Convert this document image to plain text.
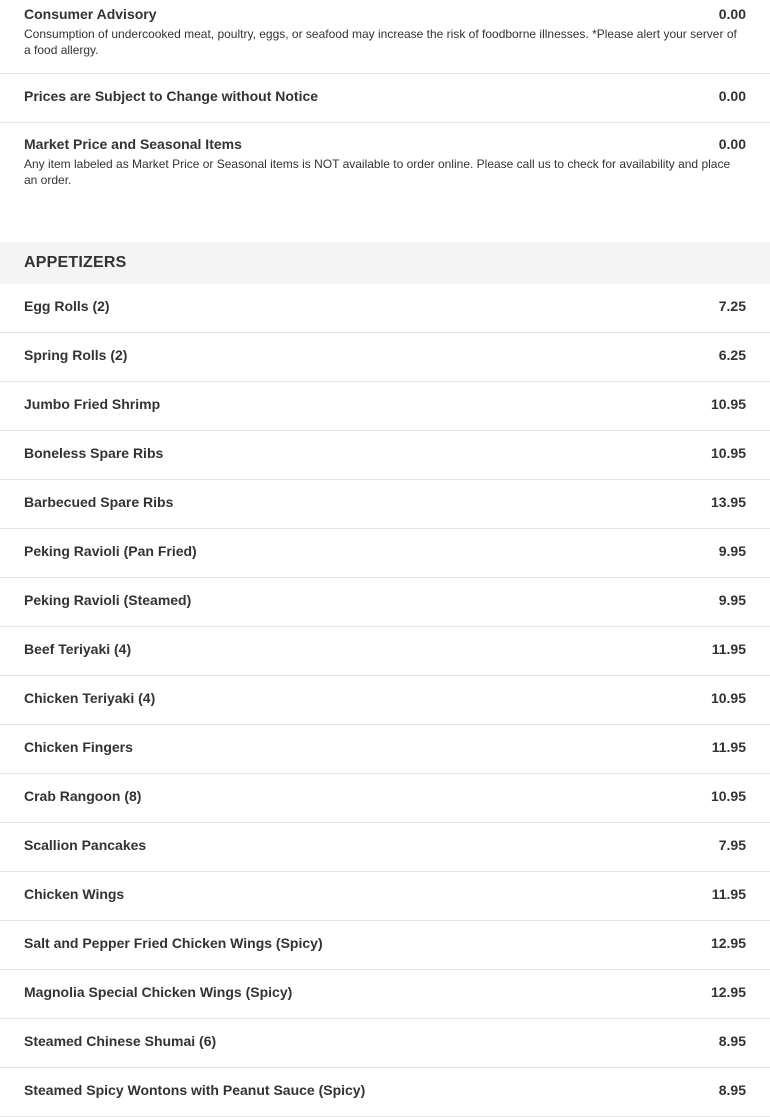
Consumer Advisory	0.00
Consumption of undercooked meat, poultry, eggs, or seafood may increase the risk of foodborne illnesses. *Please alert your server of a food allergy.
Prices are Subject to Change without Notice	0.00
Market Price and Seasonal Items	0.00
Any item labeled as Market Price or Seasonal items is NOT available to order online. Please call us to check for availability and place an order.
APPETIZERS
Egg Rolls (2)	7.25
Spring Rolls (2)	6.25
Jumbo Fried Shrimp	10.95
Boneless Spare Ribs	10.95
Barbecued Spare Ribs	13.95
Peking Ravioli (Pan Fried)	9.95
Peking Ravioli (Steamed)	9.95
Beef Teriyaki (4)	11.95
Chicken Teriyaki (4)	10.95
Chicken Fingers	11.95
Crab Rangoon (8)	10.95
Scallion Pancakes	7.95
Chicken Wings	11.95
Salt and Pepper Fried Chicken Wings (Spicy)	12.95
Magnolia Special Chicken Wings (Spicy)	12.95
Steamed Chinese Shumai (6)	8.95
Steamed Spicy Wontons with Peanut Sauce (Spicy)	8.95
